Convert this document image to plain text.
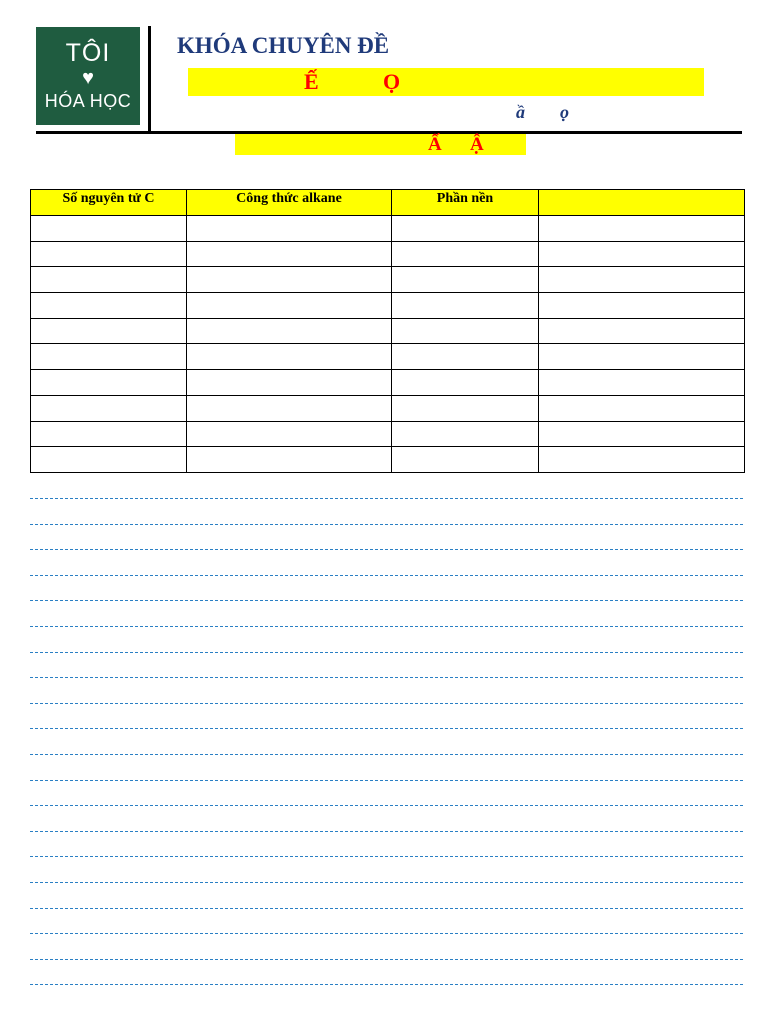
TÔI
♥
HÓA HỌC
KHÓA CHUYÊN ĐỀ
Ế	Ọ
ầ ọ
Ấ Ậ
Số nguyên tử C	Công thức alkane	Phần nền	
